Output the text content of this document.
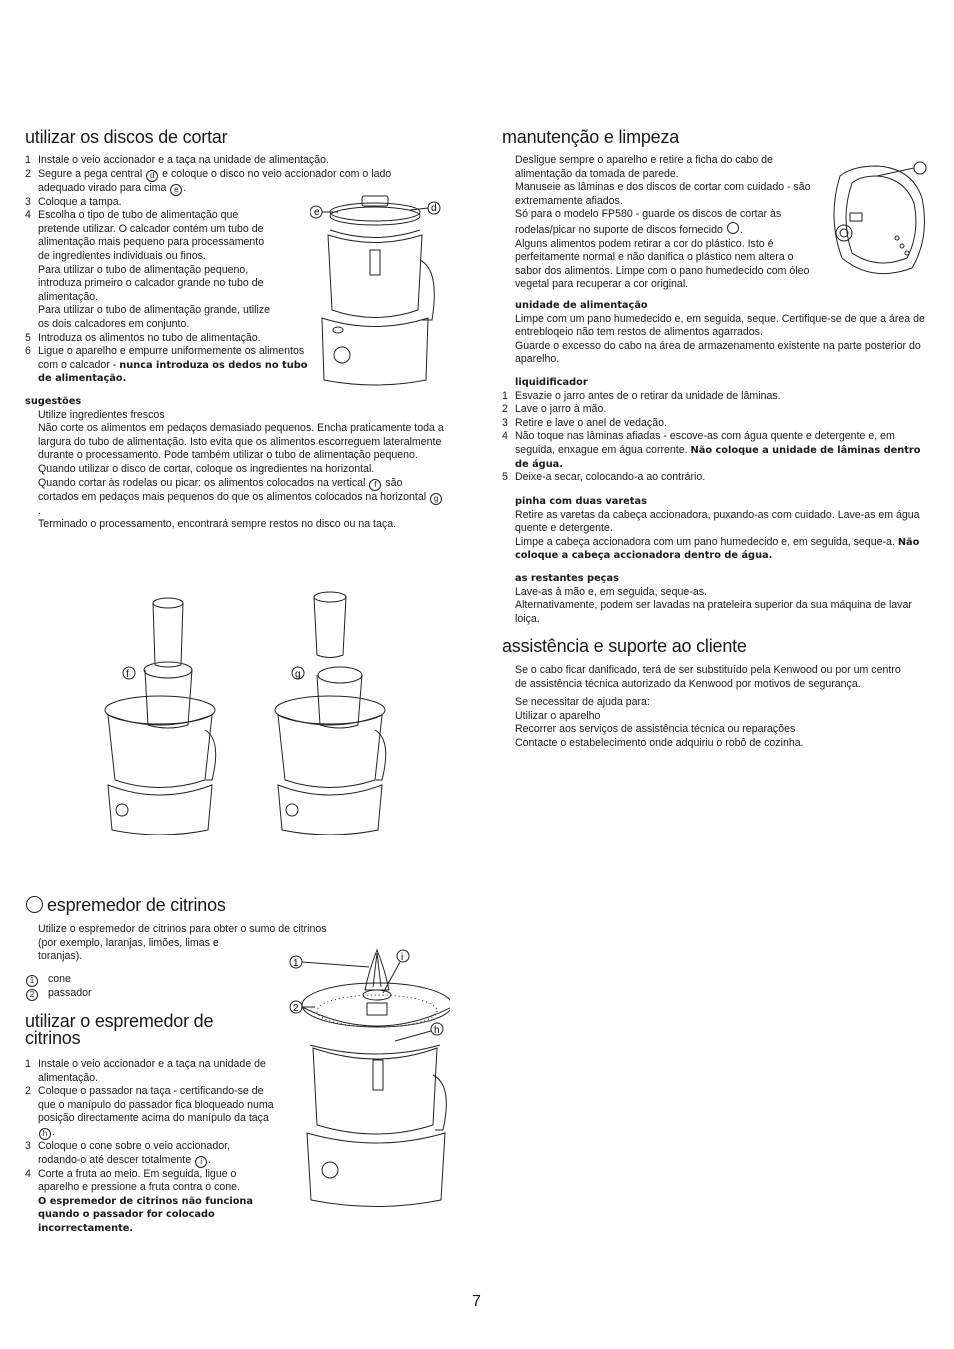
utilizar os discos de cortar
1 Instale o veio accionador e a taça na unidade de alimentação.
2 Segure a pega central d e coloque o disco no veio accionador com o lado adequado virado para cima e .
3 Coloque a tampa.
4 Escolha o tipo de tubo de alimentação que
pretende utilizar. O calcador contém um tubo de
alimentação mais pequeno para processamento
de ingredientes individuais ou finos.
Para utilizar o tubo de alimentação pequeno,
introduza primeiro o calcador grande no tubo de
alimentação.
Para utilizar o tubo de alimentação grande, utilize
os dois calcadores em conjunto.
5 Introduza os alimentos no tubo de alimentação.
6 Ligue o aparelho e empurre uniformemente os alimentos com o calcador - nunca introduza os dedos no tubo de alimentação.
sugestões
Utilize ingredientes frescos
Não corte os alimentos em pedaços demasiado pequenos. Encha praticamente toda a largura do tubo de alimentação. Isto evita que os alimentos escorreguem lateralmente durante o processamento. Pode também utilizar o tubo de alimentação pequeno.
Quando utilizar o disco de cortar, coloque os ingredientes na horizontal.
Quando cortar às rodelas ou picar: os alimentos colocados na vertical f são cortados em pedaços mais pequenos do que os alimentos colocados na horizontal g.
Terminado o processamento, encontrará sempre restos no disco ou na taça.
e	d
f	g
espremedor de citrinos
Utilize o espremedor de citrinos para obter o sumo de citrinos
(por exemplo, laranjas, limões, limas e
toranjas).
1 cone
2 passador
utilizar o espremedor de
citrinos
1 Instale o veio accionador e a taça na unidade de alimentação.
2 Coloque o passador na taça - certificando-se de que o manípulo do passador fica bloqueado numa posição directamente acima do manípulo da taça h .
3 Coloque o cone sobre o veio accionador, rodando-o até descer totalmente i .
4 Corte a fruta ao meio. Em seguida, ligue o aparelho e pressione a fruta contra o cone.
O espremedor de citrinos não funciona quando o passador for colocado incorrectamente.
1
i
2
h
manutenção e limpeza
Desligue sempre o aparelho e retire a ficha do cabo de alimentação da tomada de parede.
Manuseie as lâminas e dos discos de cortar com cuidado - são extremamente afiados.
Só para o modelo FP580 - guarde os discos de cortar às rodelas/picar no suporte de discos fornecido .
Alguns alimentos podem retirar a cor do plástico. Isto é perfeitamente normal e não danifica o plástico nem altera o sabor dos alimentos. Limpe com o pano humedecido com óleo vegetal para recuperar a cor original.
unidade de alimentação
Limpe com um pano humedecido e, em seguida, seque. Certifique-se de que a área de entrebloqeio não tem restos de alimentos agarrados.
Guarde o excesso do cabo na área de armazenamento existente na parte posterior do aparelho.
liquidificador
1 Esvazie o jarro antes de o retirar da unidade de lâminas.
2 Lave o jarro à mão.
3 Retire e lave o anel de vedação.
4 Não toque nas lâminas afiadas - escove-as com água quente e detergente e, em seguida, enxague em água corrente. Não coloque a unidade de lâminas dentro de água.
5 Deixe-a secar, colocando-a ao contrário.
pinha com duas varetas
Retire as varetas da cabeça accionadora, puxando-as com cuidado. Lave-as em água quente e detergente.
Limpe a cabeça accionadora com um pano humedecido e, em seguida, seque-a. Não coloque a cabeça accionadora dentro de água.
as restantes peças
Lave-as à mão e, em seguida, seque-as.
Alternativamente, podem ser lavadas na prateleira superior da sua máquina de lavar loiça.
assistência e suporte ao cliente
Se o cabo ficar danificado, terá de ser substituído pela Kenwood ou por um centro de assistência técnica autorizado da Kenwood por motivos de segurança.
Se necessitar de ajuda para:
Utilizar o aparelho
Recorrer aos serviços de assistência técnica ou reparações
Contacte o estabelecimento onde adquiriu o robô de cozinha.
7
